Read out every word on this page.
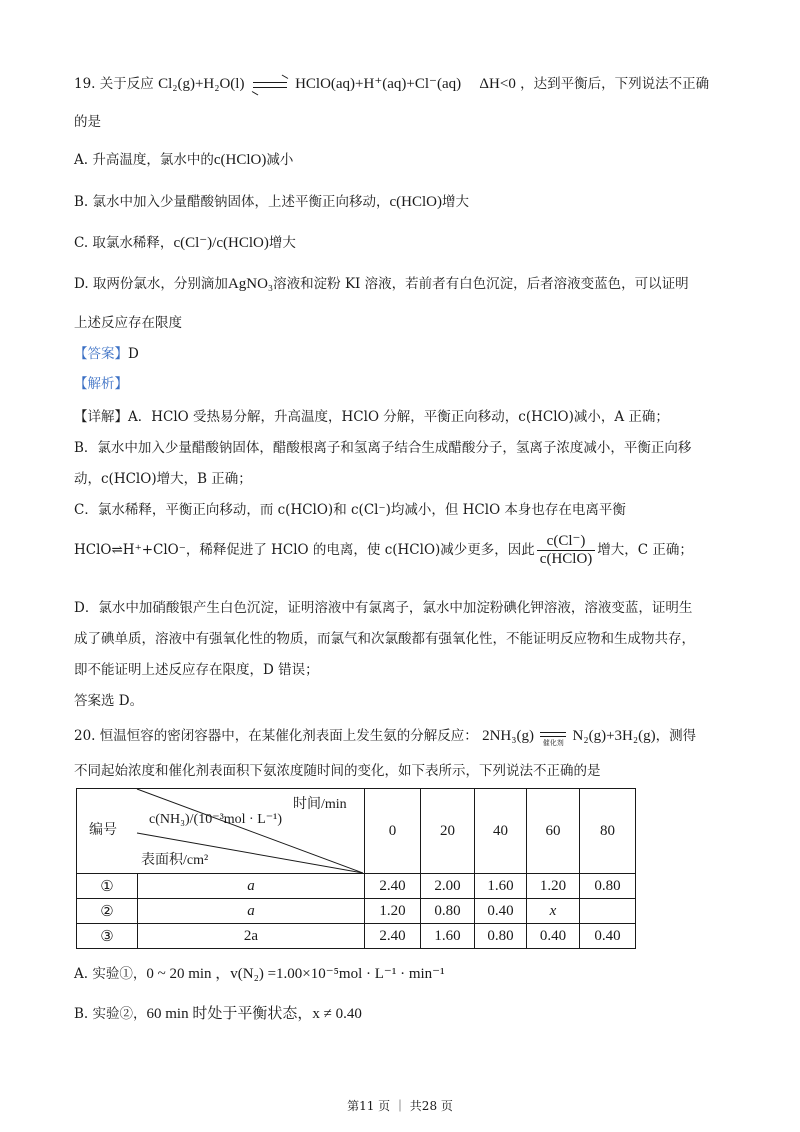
19. 关于反应 Cl₂(g)+H₂O(l)	HClO(aq)+H⁺(aq)+Cl⁻(aq) ΔH<0 ，达到平衡后，下列说法不正确
的是
A. 升高温度，氯水中的c(HClO)减小
B. 氯水中加入少量醋酸钠固体，上述平衡正向移动，c(HClO)增大
C. 取氯水稀释，c(Cl⁻)/c(HClO)增大
D. 取两份氯水，分别滴加AgNO₃溶液和淀粉 KI 溶液，若前者有白色沉淀，后者溶液变蓝色，可以证明
上述反应存在限度
【答案】D
【解析】
【详解】A．HClO 受热易分解，升高温度，HClO 分解，平衡正向移动，c(HClO)减小，A 正确；
B．氯水中加入少量醋酸钠固体，醋酸根离子和氢离子结合生成醋酸分子，氢离子浓度减小，平衡正向移
动，c(HClO)增大，B 正确；
C．氯水稀释，平衡正向移动，而 c(HClO)和 c(Cl⁻)均减小，但 HClO 本身也存在电离平衡
HClO⇌H⁺+ClO⁻，稀释促进了 HClO 的电离，使 c(HClO)减少更多，因此 $\frac{c(Cl^-)}{\text{c(HClO)}}$ 增大，C 正确；
D．氯水中加硝酸银产生白色沉淀，证明溶液中有氯离子，氯水中加淀粉碘化钾溶液，溶液变蓝，证明生
成了碘单质，溶液中有强氧化性的物质，而氯气和次氯酸都有强氧化性，不能证明反应物和生成物共存，
即不能证明上述反应存在限度，D 错误；
答案选 D。
20. 恒温恒容的密闭容器中，在某催化剂表面上发生氨的分解反应： 2NH₃(g)	催化剂 N₂(g)+3H₂(g)，测得
不同起始浓度和催化剂表面积下氨浓度随时间的变化，如下表所示，下列说法不正确的是
编号
c(NH₃)/(10⁻³mol · L⁻¹)
时间/min
表面积/cm²		0	20	40	60	80
①	a	2.40	2.00	1.60	1.20	0.80
②	a	1.20	0.80	0.40	x	
③	2a	2.40	1.60	0.80	0.40	0.40
A. 实验①，0 ~ 20 min ，v(N₂) =1.00×10⁻⁵mol · L⁻¹ · min⁻¹
B. 实验②，60 min 时处于平衡状态，x ≠ 0.40
第11 页 ｜ 共28 页
